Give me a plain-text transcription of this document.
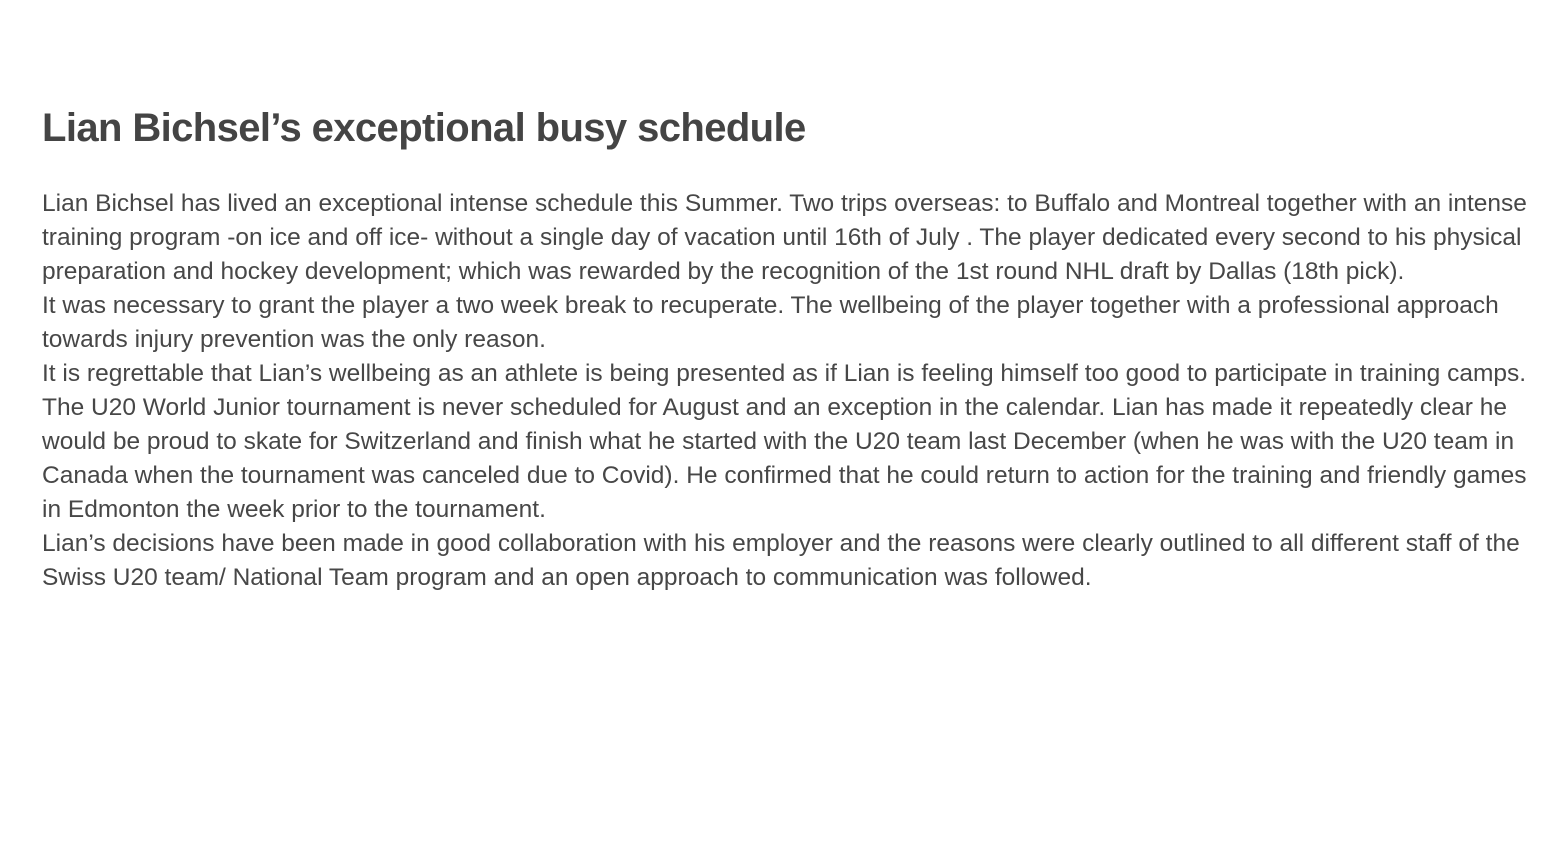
Lian Bichsel’s exceptional busy schedule

Lian Bichsel has lived an exceptional intense schedule this Summer. Two trips overseas: to Buffalo and Montreal together with an intense training program -on ice and off ice- without a single day of vacation until 16th of July . The player dedicated every second to his physical preparation and hockey development; which was rewarded by the recognition of the 1st round NHL draft by Dallas (18th pick).

It was necessary to grant the player a two week break to recuperate. The wellbeing of the player together with a professional approach towards injury prevention was the only reason.

It is regrettable that Lian’s wellbeing as an athlete is being presented as if Lian is feeling himself too good to participate in training camps. The U20 World Junior tournament is never scheduled for August and an exception in the calendar. Lian has made it repeatedly clear he would be proud to skate for Switzerland and finish what he started with the U20 team last December (when he was with the U20 team in Canada when the tournament was canceled due to Covid). He confirmed that he could return to action for the training and friendly games in Edmonton the week prior to the tournament.

Lian’s decisions have been made in good collaboration with his employer and the reasons were clearly outlined to all different staff of the Swiss U20 team/ National Team program and an open approach to communication was followed.
